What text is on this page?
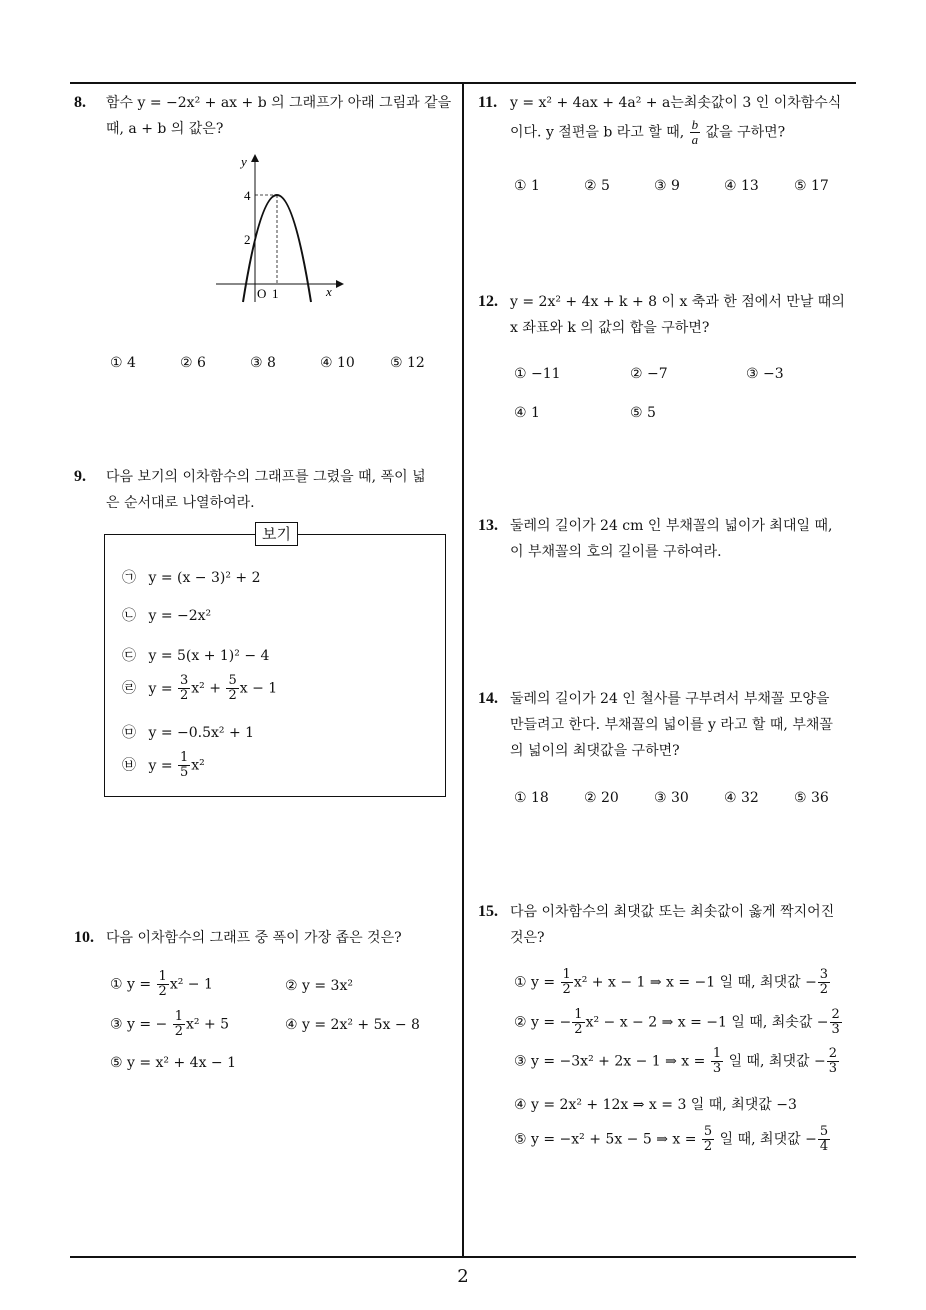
8. 함수 y = −2x² + ax + b 의 그래프가 아래 그림과 같을
때, a + b 의 값은?
y
x
4
2
O 1
① 4	② 6	③ 8	④ 10	⑤ 12
9. 다음 보기의 이차함수의 그래프를 그렸을 때, 폭이 넓
은 순서대로 나열하여라.
보기
㉠ y = (x − 3)² + 2
㉡ y = −2x²
㉢ y = 5(x + 1)² − 4
㉣ $y = \frac{3}{2} x^2 + \frac{5}{2}$ x − 1
㉤ y = −0.5x² + 1
㉥ $y = \frac{1}{5} x^2$
10. 다음 이차함수의 그래프 중 폭이 가장 좁은 것은?
① $y = \frac{1}{2} x^2 - 1$	② y = 3x²
③ y = − $\frac{1}{2} x^2 + 5$	④ y = 2x² + 5x − 8
⑤ y = x² + 4x − 1
11. y = x² + 4ax + 4a² + a는최솟값이 3 인 이차함수식
이다. y 절편을 b 라고 할 때, $\frac{b}{a}$ 값을 구하면?
① 1	② 5	③ 9	④ 13	⑤ 17
12. y = 2x² + 4x + k + 8 이 x 축과 한 점에서 만날 때의
x 좌표와 k 의 값의 합을 구하면?
① −11	② −7	③ −3
④ 1	⑤ 5
13. 둘레의 길이가 24 cm 인 부채꼴의 넓이가 최대일 때,
이 부채꼴의 호의 길이를 구하여라.
14. 둘레의 길이가 24 인 철사를 구부려서 부채꼴 모양을
만들려고 한다. 부채꼴의 넓이를 y 라고 할 때, 부채꼴
의 넓이의 최댓값을 구하면?
① 18	② 20	③ 30	④ 32	⑤ 36
15. 다음 이차함수의 최댓값 또는 최솟값이 옳게 짝지어진
것은?
① $y = \frac{1}{2} x^2 + x - 1$ ⇒ x = −1 일 때, 최댓값 − $\frac{3}{2}$
② y = − $\frac{1}{2} x^2 - x - 2$ ⇒ x = −1 일 때, 최솟값 − $\frac{2}{3}$
③ y = −3x² + 2x − 1 ⇒ $x = \frac{1}{3}$ 일 때, 최댓값 − $\frac{2}{3}$
④ y = 2x² + 12x ⇒ x = 3 일 때, 최댓값 −3
⑤ y = −x² + 5x − 5 ⇒ $x = \frac{5}{2}$ 일 때, 최댓값 − $\frac{5}{4}$
2
